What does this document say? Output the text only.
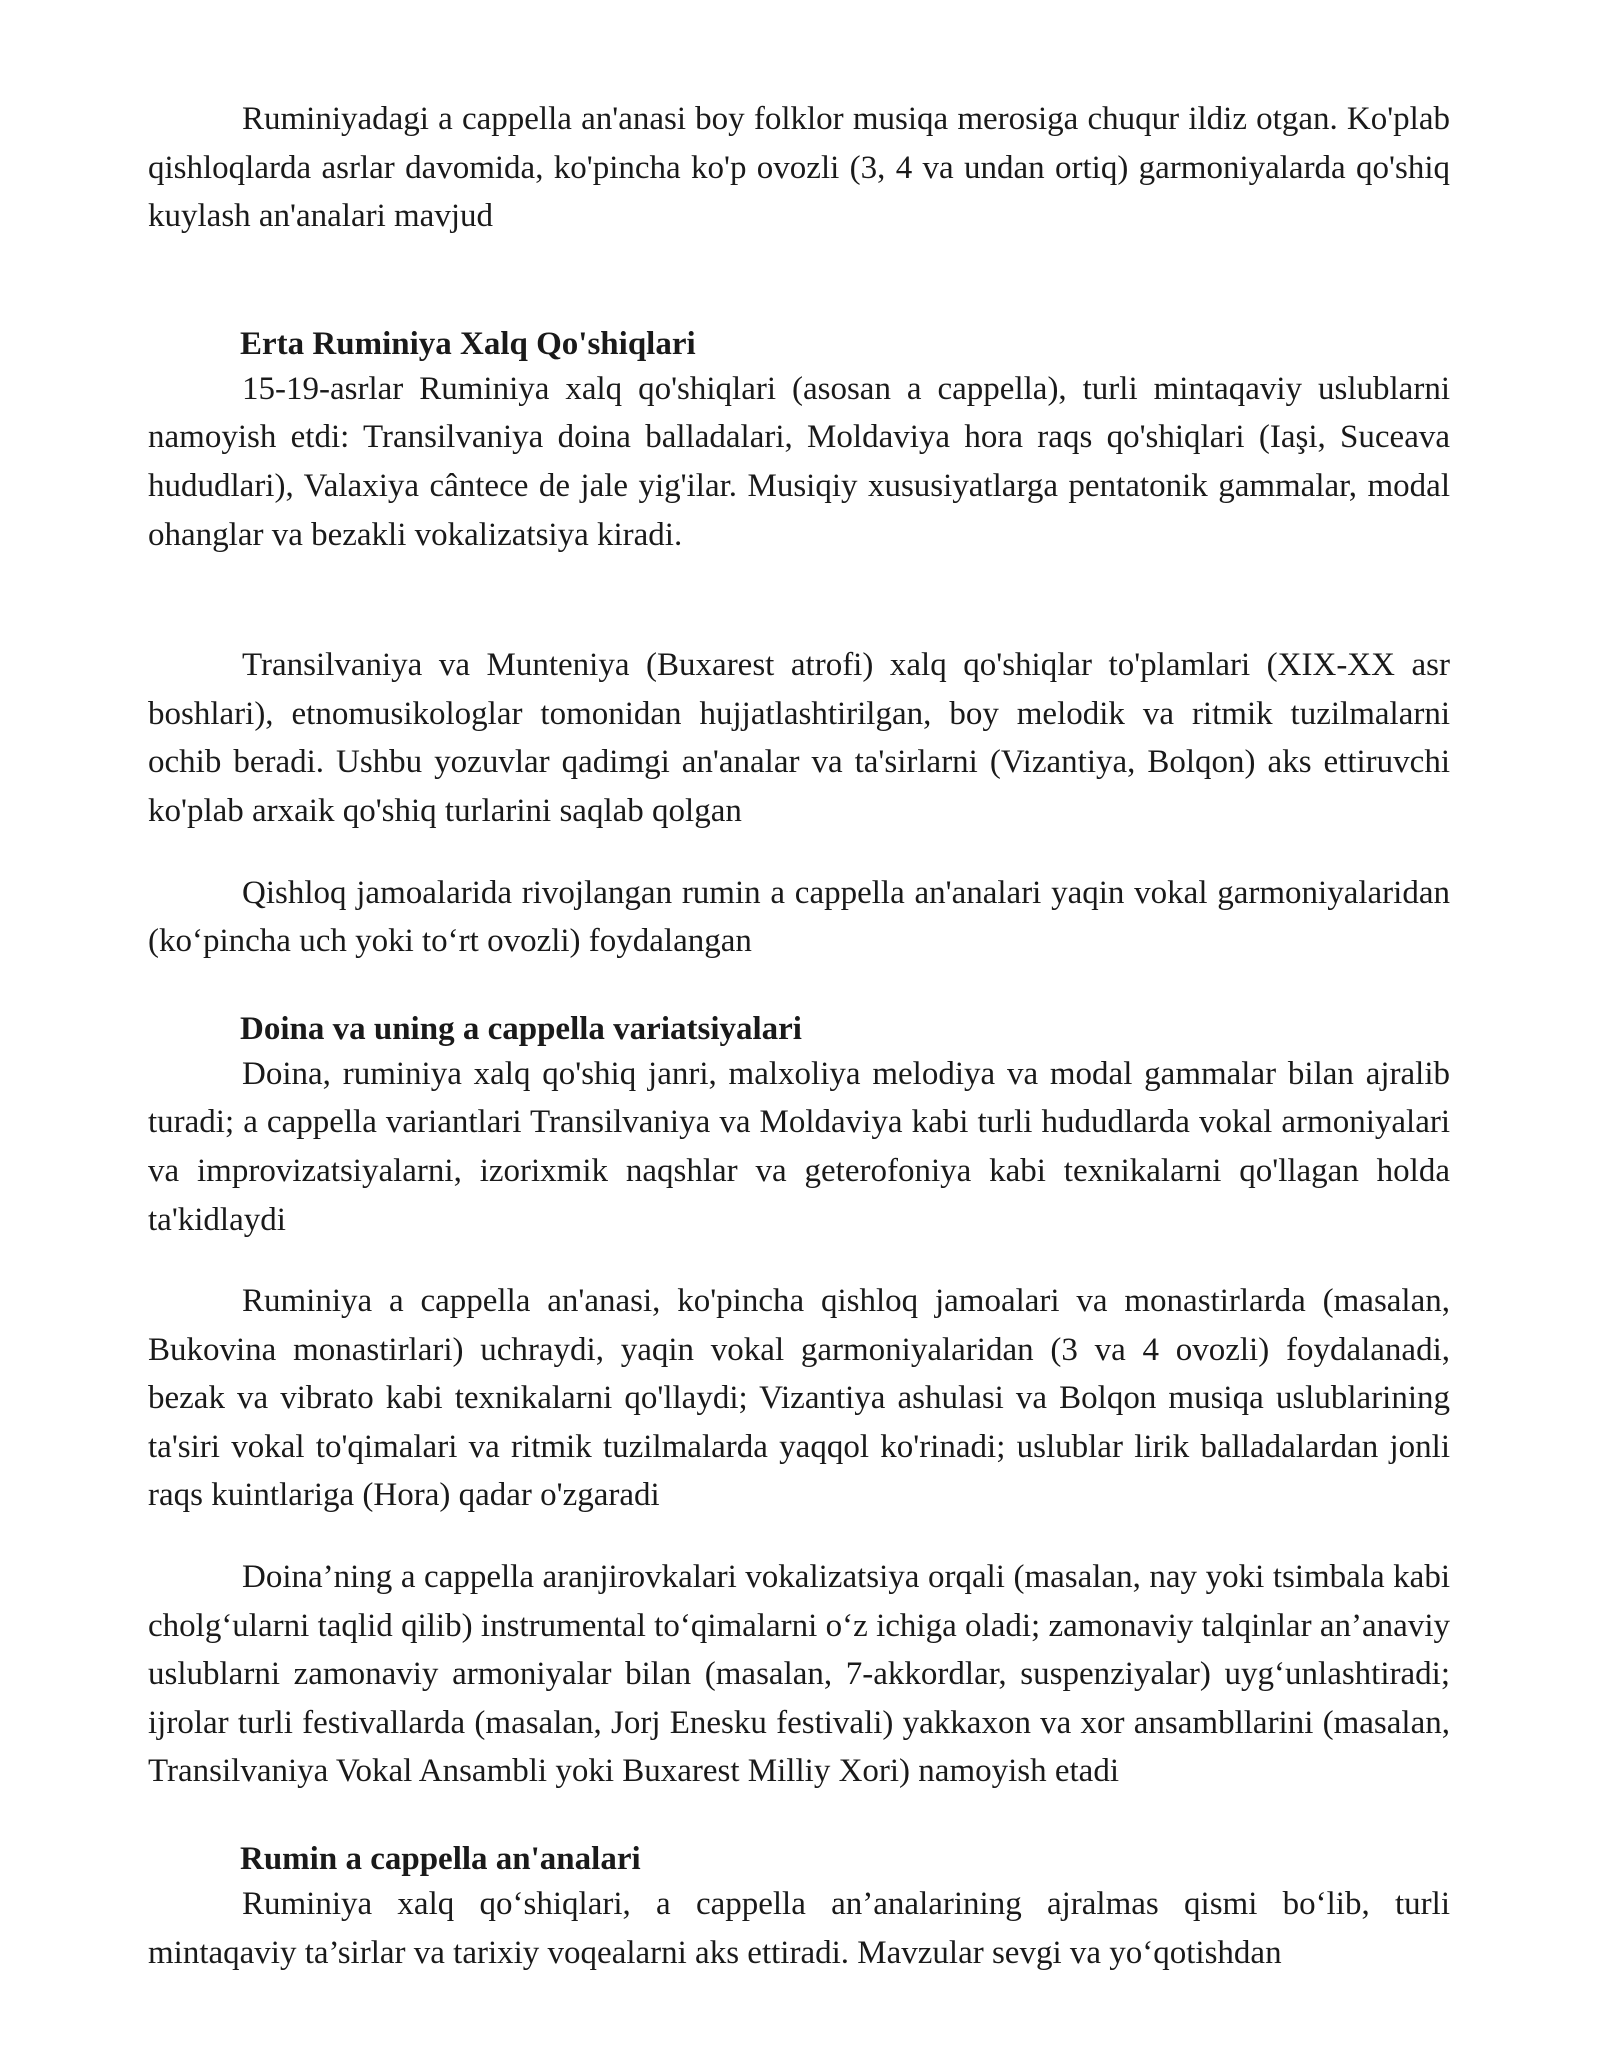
Ruminiyadagi a cappella an'anasi boy folklor musiqa merosiga chuqur ildiz otgan. Ko'plab qishloqlarda asrlar davomida, ko'pincha ko'p ovozli (3, 4 va undan ortiq) garmoniyalarda qo'shiq kuylash an'analari mavjud

Erta Ruminiya Xalq Qo'shiqlari

15-19-asrlar Ruminiya xalq qo'shiqlari (asosan a cappella), turli mintaqaviy uslublarni namoyish etdi: Transilvaniya doina balladalari, Moldaviya hora raqs qo'shiqlari (Iaşi, Suceava hududlari), Valaxiya cântece de jale yig'ilar. Musiqiy xususiyatlarga pentatonik gammalar, modal ohanglar va bezakli vokalizatsiya kiradi.

Transilvaniya va Munteniya (Buxarest atrofi) xalq qo'shiqlar to'plamlari (XIX-XX asr boshlari), etnomusikologlar tomonidan hujjatlashtirilgan, boy melodik va ritmik tuzilmalarni ochib beradi. Ushbu yozuvlar qadimgi an'analar va ta'sirlarni (Vizantiya, Bolqon) aks ettiruvchi ko'plab arxaik qo'shiq turlarini saqlab qolgan

Qishloq jamoalarida rivojlangan rumin a cappella an'analari yaqin vokal garmoniyalaridan (ko‘pincha uch yoki to‘rt ovozli) foydalangan

Doina va uning a cappella variatsiyalari

Doina, ruminiya xalq qo'shiq janri, malxoliya melodiya va modal gammalar bilan ajralib turadi; a cappella variantlari Transilvaniya va Moldaviya kabi turli hududlarda vokal armoniyalari va improvizatsiyalarni, izorixmik naqshlar va geterofoniya kabi texnikalarni qo'llagan holda ta'kidlaydi

Ruminiya a cappella an'anasi, ko'pincha qishloq jamoalari va monastirlarda (masalan, Bukovina monastirlari) uchraydi, yaqin vokal garmoniyalaridan (3 va 4 ovozli) foydalanadi, bezak va vibrato kabi texnikalarni qo'llaydi; Vizantiya ashulasi va Bolqon musiqa uslublarining ta'siri vokal to'qimalari va ritmik tuzilmalarda yaqqol ko'rinadi; uslublar lirik balladalardan jonli raqs kuintlariga (Hora) qadar o'zgaradi

Doina’ning a cappella aranjirovkalari vokalizatsiya orqali (masalan, nay yoki tsimbala kabi cholg‘ularni taqlid qilib) instrumental to‘qimalarni o‘z ichiga oladi; zamonaviy talqinlar an’anaviy uslublarni zamonaviy armoniyalar bilan (masalan, 7-akkordlar, suspenziyalar) uyg‘unlashtiradi; ijrolar turli festivallarda (masalan, Jorj Enesku festivali) yakkaxon va xor ansambllarini (masalan, Transilvaniya Vokal Ansambli yoki Buxarest Milliy Xori) namoyish etadi

Rumin a cappella an'analari

Ruminiya xalq qo‘shiqlari, a cappella an’analarining ajralmas qismi bo‘lib, turli mintaqaviy ta’sirlar va tarixiy voqealarni aks ettiradi. Mavzular sevgi va yo‘qotishdan
